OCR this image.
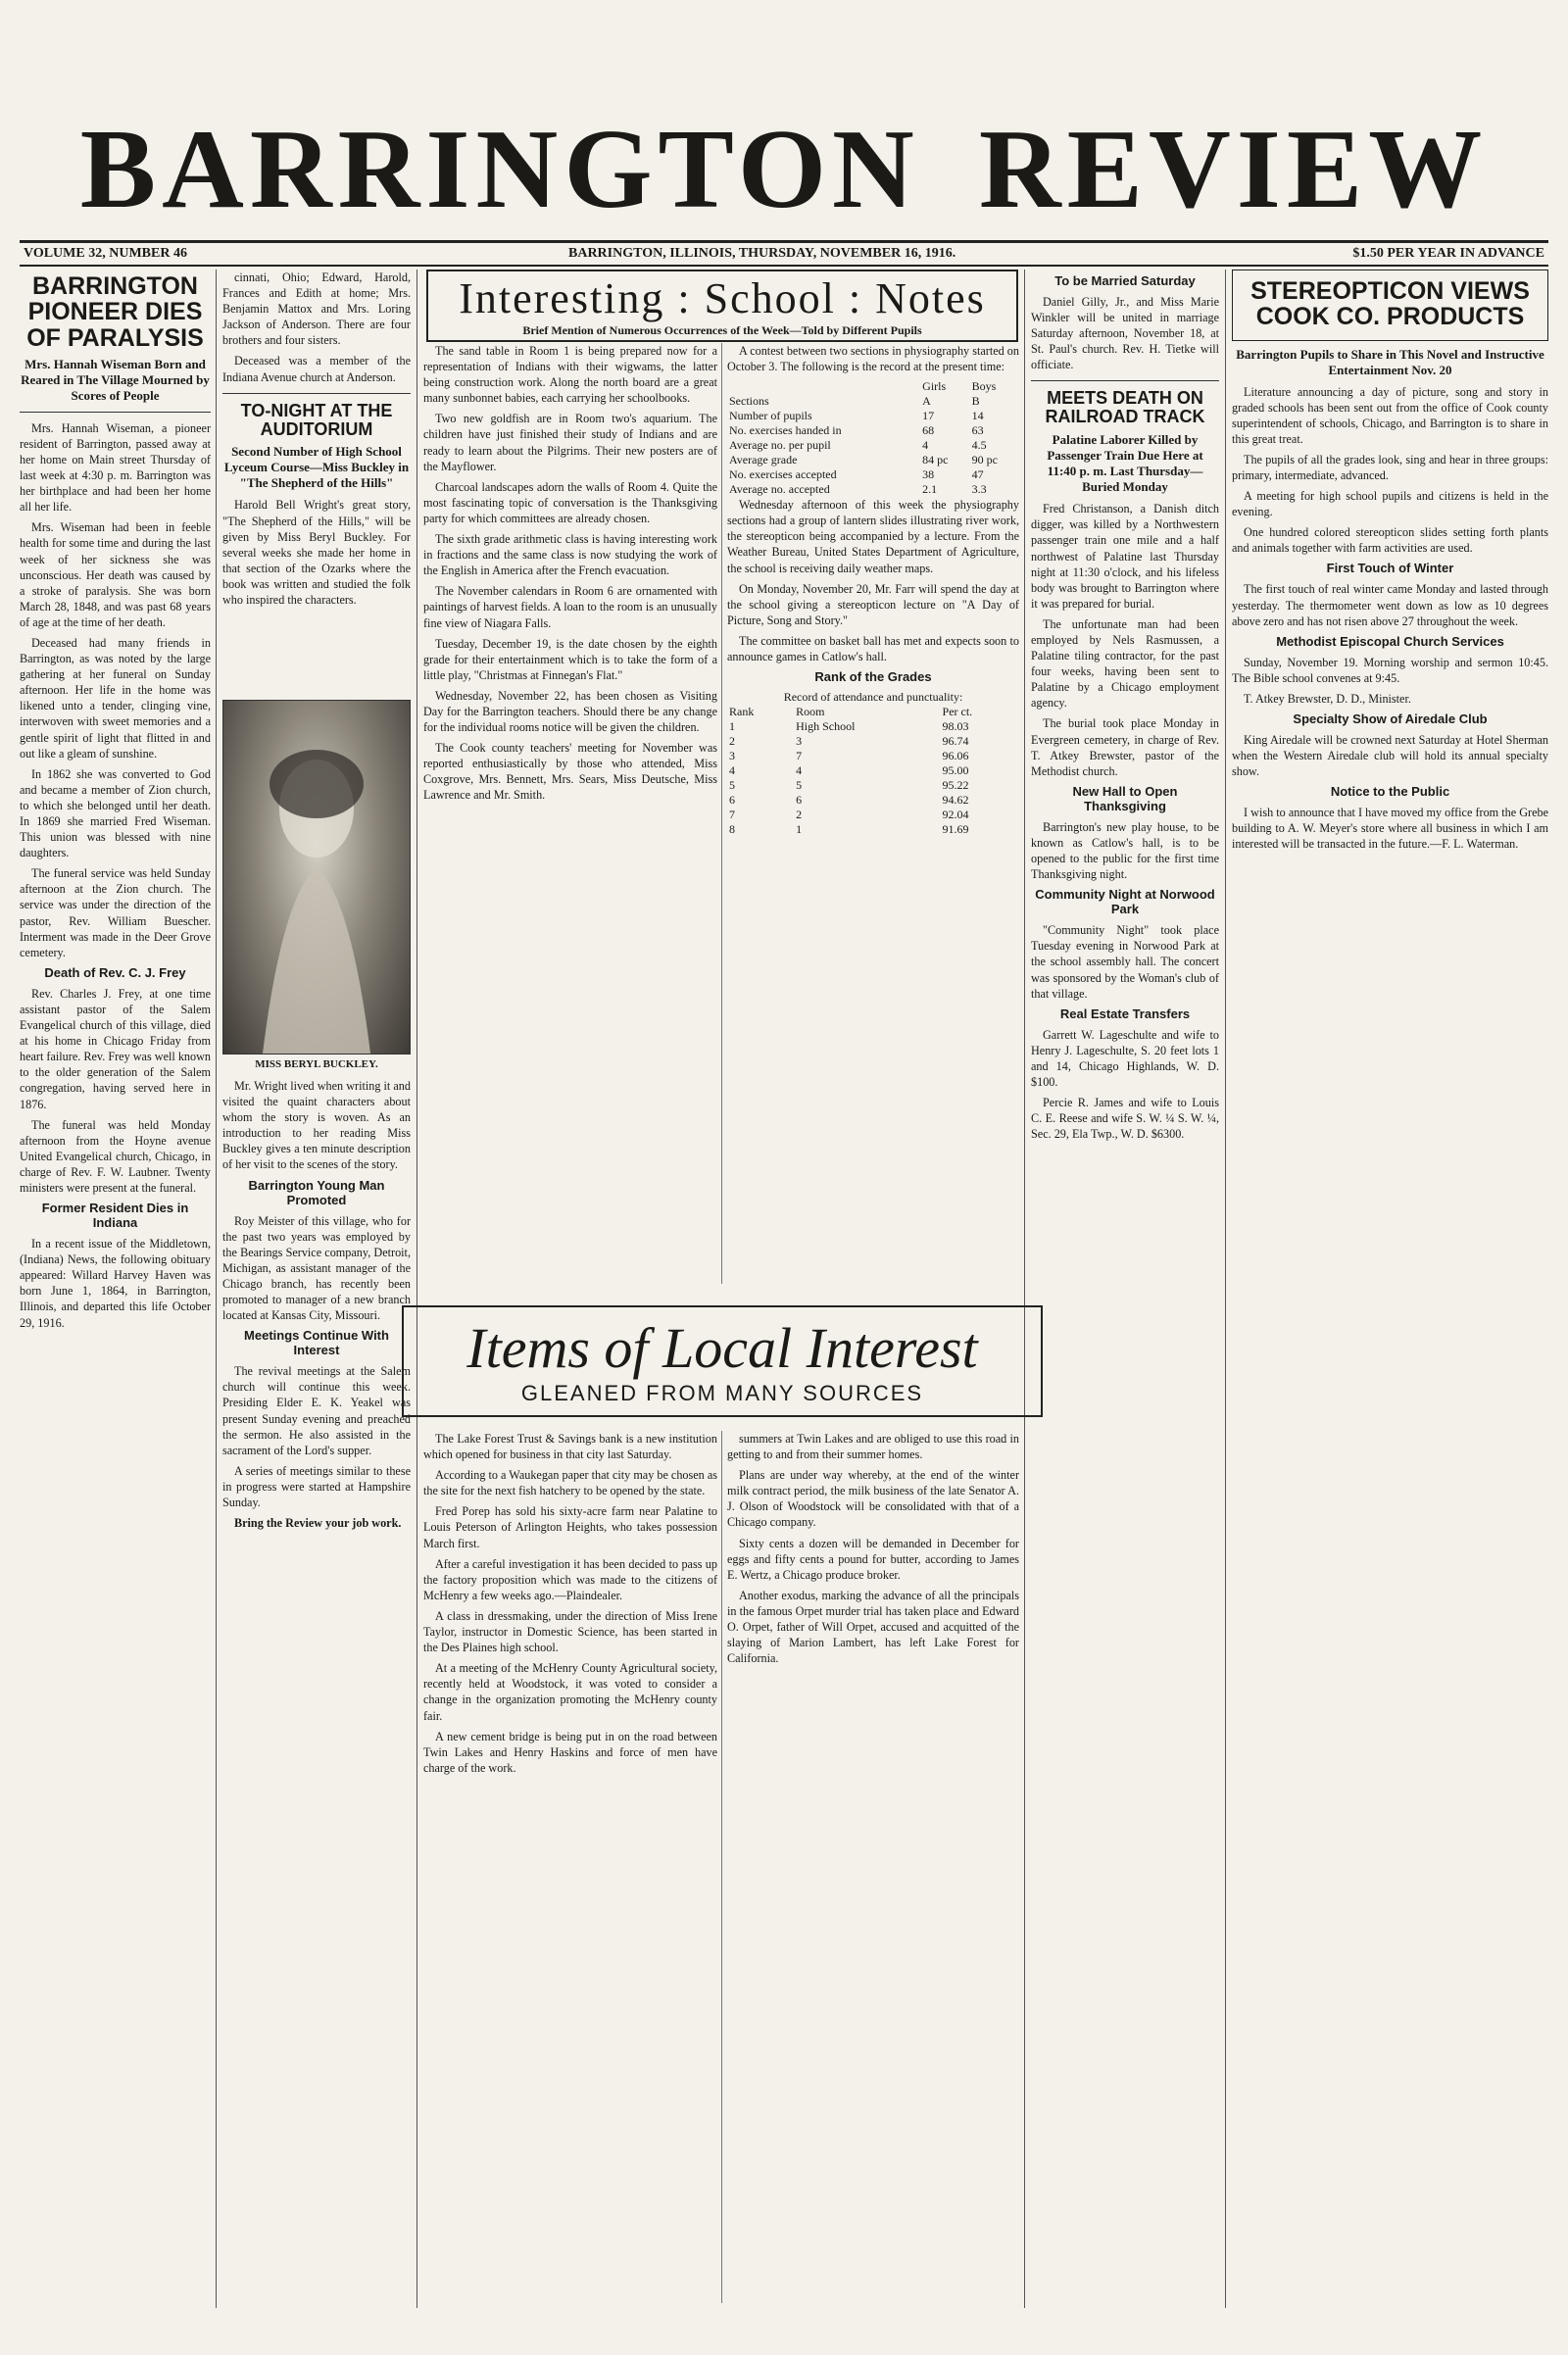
BARRINGTON REVIEW
VOLUME 32, NUMBER 46	BARRINGTON, ILLINOIS, THURSDAY, NOVEMBER 16, 1916.	$1.50 PER YEAR IN ADVANCE
BARRINGTON PIONEER DIES OF PARALYSIS
Mrs. Hannah Wiseman Born and Reared in The Village Mourned by Scores of People

Mrs. Hannah Wiseman, a pioneer resident of Barrington, passed away at her home on Main street Thursday of last week at 4:30 p. m. Barrington was her birthplace and had been her home all her life.

Mrs. Wiseman had been in feeble health for some time and during the last week of her sickness she was unconscious. Her death was caused by a stroke of paralysis. She was born March 28, 1848, and was past 68 years of age at the time of her death.

Deceased had many friends in Barrington, as was noted by the large gathering at her funeral on Sunday afternoon. Her life in the home was likened unto a tender, clinging vine, interwoven with sweet memories and a gentle spirit of light that flitted in and out like a gleam of sunshine.

In 1862 she was converted to God and became a member of Zion church, to which she belonged until her death. In 1869 she married Fred Wiseman. This union was blessed with nine daughters.

The funeral service was held Sunday afternoon at the Zion church. The service was under the direction of the pastor, Rev. William Buescher. Interment was made in the Deer Grove cemetery.

Death of Rev. C. J. Frey

Rev. Charles J. Frey, at one time assistant pastor of the Salem Evangelical church of this village, died at his home in Chicago Friday from heart failure. Rev. Frey was well known to the older generation of the Salem congregation, having served here in 1876.

The funeral was held Monday afternoon from the Hoyne avenue United Evangelical church, Chicago, in charge of Rev. F. W. Laubner. Twenty ministers were present at the funeral.

Former Resident Dies in Indiana

In a recent issue of the Middletown, (Indiana) News, the following obituary appeared: Willard Harvey Haven was born June 1, 1864, in Barrington, Illinois, and departed this life October 29, 1916.

cinnati, Ohio; Edward, Harold, Frances and Edith at home; Mrs. Benjamin Mattox and Mrs. Loring Jackson of Anderson. There are four brothers and four sisters.

Deceased was a member of the Indiana Avenue church at Anderson.

TO-NIGHT AT THE AUDITORIUM
Second Number of High School Lyceum Course—Miss Buckley in "The Shepherd of the Hills"

Harold Bell Wright's great story, "The Shepherd of the Hills," will be given by Miss Beryl Buckley. For several weeks she made her home in that section of the Ozarks where the book was written and studied the folk who inspired the characters.

MISS BERYL BUCKLEY.

Mr. Wright lived when writing it and visited the quaint characters about whom the story is woven. As an introduction to her reading Miss Buckley gives a ten minute description of her visit to the scenes of the story.

Barrington Young Man Promoted

Roy Meister of this village, who for the past two years was employed by the Bearings Service company, Detroit, Michigan, as assistant manager of the Chicago branch, has recently been promoted to manager of a new branch located at Kansas City, Missouri.

Meetings Continue With Interest

The revival meetings at the Salem church will continue this week. Presiding Elder E. K. Yeakel was present Sunday evening and preached the sermon. He also assisted in the sacrament of the Lord's supper.

A series of meetings similar to these in progress were started at Hampshire Sunday.

Bring the Review your job work.

Interesting : School : Notes
Brief Mention of Numerous Occurrences of the Week—Told by Different Pupils

The sand table in Room 1 is being prepared now for a representation of Indians with their wigwams, the latter being construction work. Along the north board are a great many sunbonnet babies, each carrying her schoolbooks.

Two new goldfish are in Room two's aquarium. The children have just finished their study of Indians and are ready to learn about the Pilgrims. Their new posters are of the Mayflower.

Charcoal landscapes adorn the walls of Room 4. Quite the most fascinating topic of conversation is the Thanksgiving party for which committees are already chosen.

The sixth grade arithmetic class is having interesting work in fractions and the same class is now studying the work of the English in America after the French evacuation.

The November calendars in Room 6 are ornamented with paintings of harvest fields. A loan to the room is an unusually fine view of Niagara Falls.

Tuesday, December 19, is the date chosen by the eighth grade for their entertainment which is to take the form of a little play, "Christmas at Finnegan's Flat."

Wednesday, November 22, has been chosen as Visiting Day for the Barrington teachers. Should there be any change for the individual rooms notice will be given the children.

The Cook county teachers' meeting for November was reported enthusiastically by those who attended, Miss Coxgrove, Mrs. Bennett, Mrs. Sears, Miss Deutsche, Miss Lawrence and Mr. Smith.

A contest between two sections in physiography started on October 3. The following is the record at the present time:

	Girls	Boys
Sections	A	B
Number of pupils	17	14
No. exercises handed in	68	63
Average no. per pupil	4	4.5
Average grade	84 pc	90 pc
No. exercises accepted	38	47
Average no. accepted	2.1	3.3

Wednesday afternoon of this week the physiography sections had a group of lantern slides illustrating river work, the stereopticon being accompanied by a lecture. From the Weather Bureau, United States Department of Agriculture, the school is receiving daily weather maps.

On Monday, November 20, Mr. Farr will spend the day at the school giving a stereopticon lecture on "A Day of Picture, Song and Story."

The committee on basket ball has met and expects soon to announce games in Catlow's hall.

Rank of the Grades
Record of attendance and punctuality:
Rank	Room	Per ct.
1	High School	98.03
2	3	96.74
3	7	96.06
4	4	95.00
5	5	95.22
6	6	94.62
7	2	92.04
8	1	91.69
Items of Local Interest
GLEANED FROM MANY SOURCES

The Lake Forest Trust & Savings bank is a new institution which opened for business in that city last Saturday.

According to a Waukegan paper that city may be chosen as the site for the next fish hatchery to be opened by the state.

Fred Porep has sold his sixty-acre farm near Palatine to Louis Peterson of Arlington Heights, who takes possession March first.

After a careful investigation it has been decided to pass up the factory proposition which was made to the citizens of McHenry a few weeks ago.—Plaindealer.

A class in dressmaking, under the direction of Miss Irene Taylor, instructor in Domestic Science, has been started in the Des Plaines high school.

At a meeting of the McHenry County Agricultural society, recently held at Woodstock, it was voted to consider a change in the organization promoting the McHenry county fair.

A new cement bridge is being put in on the road between Twin Lakes and Henry Haskins and force of men have charge of the work.

summers at Twin Lakes and are obliged to use this road in getting to and from their summer homes.

Plans are under way whereby, at the end of the winter milk contract period, the milk business of the late Senator A. J. Olson of Woodstock will be consolidated with that of a Chicago company.

Sixty cents a dozen will be demanded in December for eggs and fifty cents a pound for butter, according to James E. Wertz, a Chicago produce broker.

Another exodus, marking the advance of all the principals in the famous Orpet murder trial has taken place and Edward O. Orpet, father of Will Orpet, accused and acquitted of the slaying of Marion Lambert, has left Lake Forest for California.

To be Married Saturday

Daniel Gilly, Jr., and Miss Marie Winkler will be united in marriage Saturday afternoon, November 18, at St. Paul's church. Rev. H. Tietke will officiate.

MEETS DEATH ON RAILROAD TRACK
Palatine Laborer Killed by Passenger Train Due Here at 11:40 p. m. Last Thursday—Buried Monday

Fred Christanson, a Danish ditch digger, was killed by a Northwestern passenger train one mile and a half northwest of Palatine last Thursday night at 11:30 o'clock, and his lifeless body was brought to Barrington where it was prepared for burial.

The unfortunate man had been employed by Nels Rasmussen, a Palatine tiling contractor, for the past four weeks, having been sent to Palatine by a Chicago employment agency.

The burial took place Monday in Evergreen cemetery, in charge of Rev. T. Atkey Brewster, pastor of the Methodist church.

New Hall to Open Thanksgiving

Barrington's new play house, to be known as Catlow's hall, is to be opened to the public for the first time Thanksgiving night.

Community Night at Norwood Park

"Community Night" took place Tuesday evening in Norwood Park at the school assembly hall. The concert was sponsored by the Woman's club of that village.

Real Estate Transfers

Garrett W. Lageschulte and wife to Henry J. Lageschulte, S. 20 feet lots 1 and 14, Chicago Highlands, W. D. $100.

Percie R. James and wife to Louis C. E. Reese and wife S. W. ¼ S. W. ¼, Sec. 29, Ela Twp., W. D. $6300.

STEREOPTICON VIEWS COOK CO. PRODUCTS
Barrington Pupils to Share in This Novel and Instructive Entertainment Nov. 20

Literature announcing a day of picture, song and story in graded schools has been sent out from the office of Cook county superintendent of schools, Chicago, and Barrington is to share in this great treat.

The pupils of all the grades look, sing and hear in three groups: primary, intermediate, advanced.

A meeting for high school pupils and citizens is held in the evening.

One hundred colored stereopticon slides setting forth plants and animals together with farm activities are used.

First Touch of Winter

The first touch of real winter came Monday and lasted through yesterday. The thermometer went down as low as 10 degrees above zero and has not risen above 27 throughout the week.

Methodist Episcopal Church Services

Sunday, November 19. Morning worship and sermon 10:45. The Bible school convenes at 9:45.

T. Atkey Brewster, D. D., Minister.

Specialty Show of Airedale Club

King Airedale will be crowned next Saturday at Hotel Sherman when the Western Airedale club will hold its annual specialty show.

Notice to the Public

I wish to announce that I have moved my office from the Grebe building to A. W. Meyer's store where all business in which I am interested will be transacted in the future.—F. L. Waterman.
